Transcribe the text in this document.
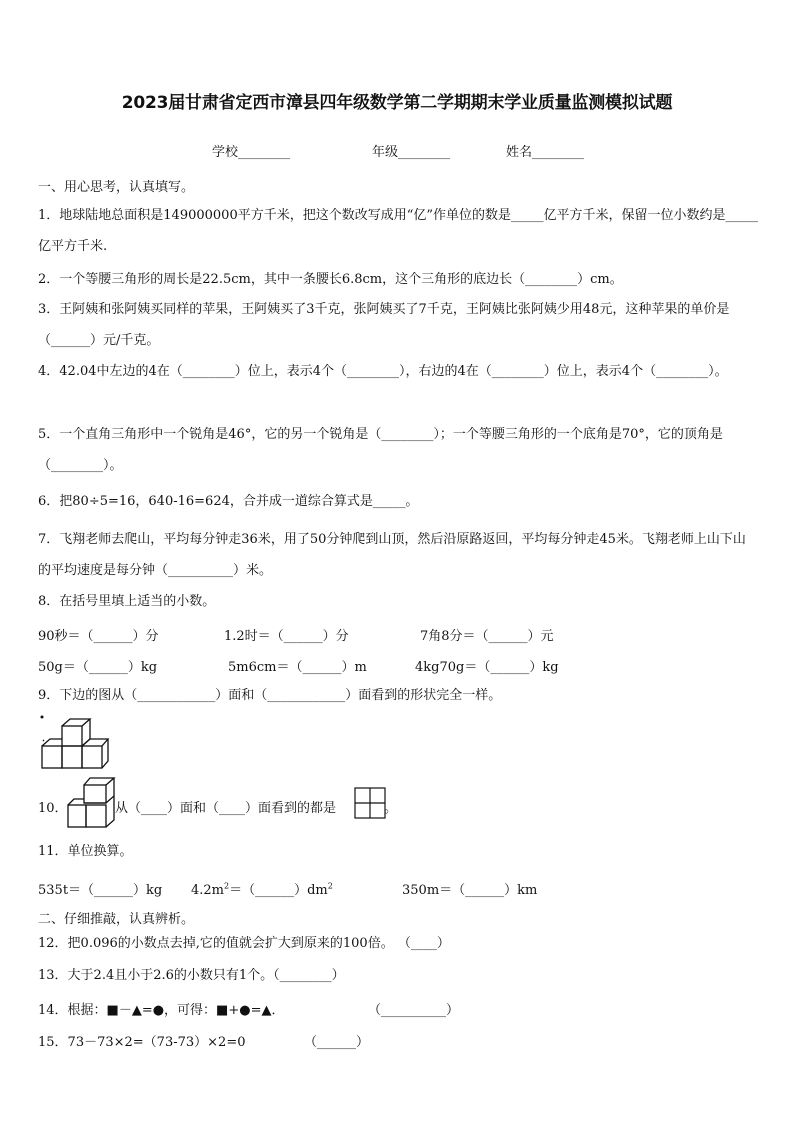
2023届甘肃省定西市漳县四年级数学第二学期期末学业质量监测模拟试题
学校________	年级________	姓名________
一、用心思考，认真填写。
1．地球陆地总面积是149000000平方千米，把这个数改写成用“亿”作单位的数是_____亿平方千米，保留一位小数约是_____亿平方千米.
2．一个等腰三角形的周长是22.5cm，其中一条腰长6.8cm，这个三角形的底边长（________）cm。
3．王阿姨和张阿姨买同样的苹果，王阿姨买了3千克，张阿姨买了7千克，王阿姨比张阿姨少用48元，这种苹果的单价是（______）元/千克。
4．42.04中左边的4在（________）位上，表示4个（________），右边的4在（________）位上，表示4个（________）。
5．一个直角三角形中一个锐角是46°，它的另一个锐角是（________）；一个等腰三角形的一个底角是70°，它的顶角是（________）。
6．把80÷5=16，640-16=624，合并成一道综合算式是_____。
7．飞翔老师去爬山，平均每分钟走36米，用了50分钟爬到山顶，然后沿原路返回，平均每分钟走45米。飞翔老师上山下山的平均速度是每分钟（__________）米。
8．在括号里填上适当的小数。
90秒＝（______）分	1.2时＝（______）分	7角8分＝（______）元
50g＝（______）kg	5m6cm＝（______）m	4kg70g＝（______）kg
9．下边的图从（____________）面和（____________）面看到的形状完全一样。
10．	从（____）面和（____）面看到的都是	。
11．单位换算。
535t＝（______）kg $4.2m^2=(\_\_\_\_\_\_)dm^2$	350m＝（______）km
二、仔细推敲，认真辨析。
12．把0.096的小数点去掉,它的值就会扩大到原来的100倍。 （____）
13．大于2.4且小于2.6的小数只有1个。（________）
14．根据：■－▲=●，可得：■+●=▲．	（__________）
15．73－73×2=（73-73）×2=0	（______）
